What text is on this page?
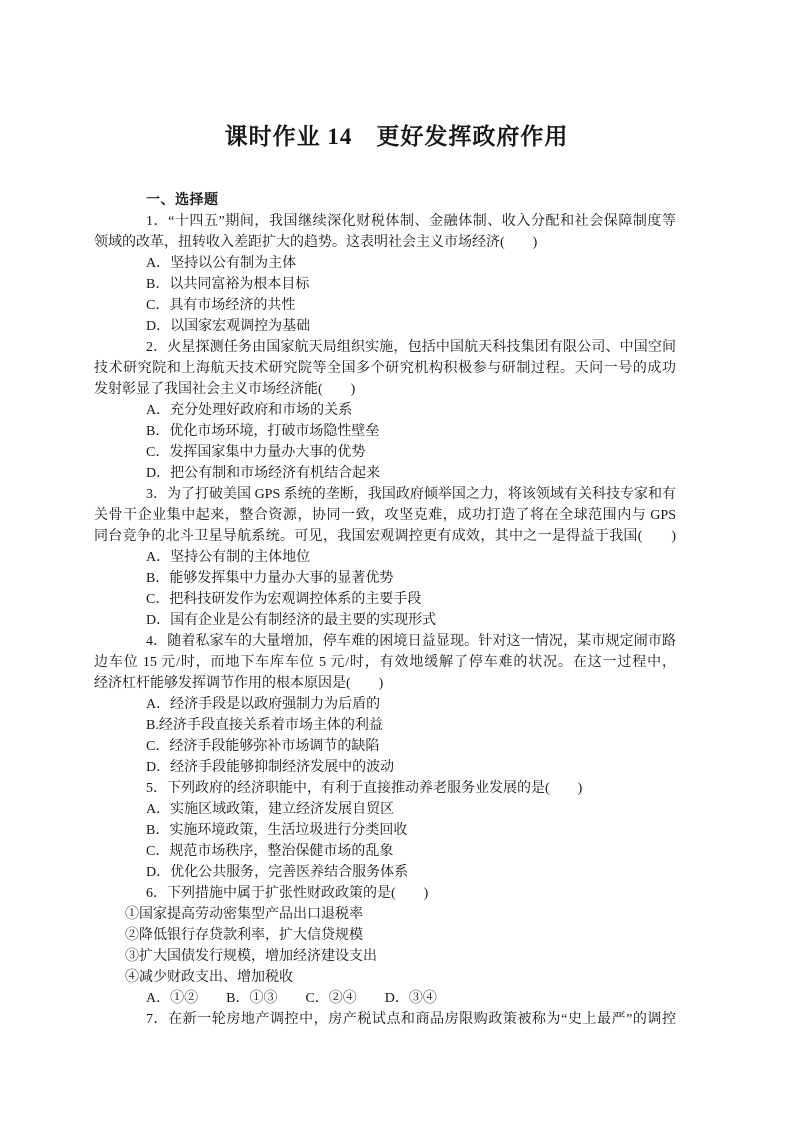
课时作业 14　更好发挥政府作用
一、选择题
1．“十四五”期间，我国继续深化财税体制、金融体制、收入分配和社会保障制度等
领域的改革，扭转收入差距扩大的趋势。这表明社会主义市场经济(　　)
A．坚持以公有制为主体
B．以共同富裕为根本目标
C．具有市场经济的共性
D．以国家宏观调控为基础
2．火星探测任务由国家航天局组织实施，包括中国航天科技集团有限公司、中国空间
技术研究院和上海航天技术研究院等全国多个研究机构积极参与研制过程。天问一号的成功
发射彰显了我国社会主义市场经济能(　　)
A．充分处理好政府和市场的关系
B．优化市场环境，打破市场隐性壁垒
C．发挥国家集中力量办大事的优势
D．把公有制和市场经济有机结合起来
3．为了打破美国 GPS 系统的垄断，我国政府倾举国之力，将该领域有关科技专家和有
关骨干企业集中起来，整合资源，协同一致，攻坚克难，成功打造了将在全球范围内与 GPS
同台竞争的北斗卫星导航系统。可见，我国宏观调控更有成效，其中之一是得益于我国(　　)
A．坚持公有制的主体地位
B．能够发挥集中力量办大事的显著优势
C．把科技研发作为宏观调控体系的主要手段
D．国有企业是公有制经济的最主要的实现形式
4．随着私家车的大量增加，停车难的困境日益显现。针对这一情况，某市规定闹市路
边车位 15 元/时，而地下车库车位 5 元/时，有效地缓解了停车难的状况。在这一过程中，
经济杠杆能够发挥调节作用的根本原因是(　　)
A．经济手段是以政府强制力为后盾的
B.经济手段直接关系着市场主体的利益
C．经济手段能够弥补市场调节的缺陷
D．经济手段能够抑制经济发展中的波动
5．下列政府的经济职能中，有利于直接推动养老服务业发展的是(　　)
A．实施区域政策，建立经济发展自贸区
B．实施环境政策，生活垃圾进行分类回收
C．规范市场秩序，整治保健市场的乱象
D．优化公共服务，完善医养结合服务体系
6．下列措施中属于扩张性财政政策的是(　　)
①国家提高劳动密集型产品出口退税率
②降低银行存贷款利率，扩大信贷规模
③扩大国债发行规模，增加经济建设支出
④减少财政支出、增加税收
A．①②　　B．①③　　C．②④　　D．③④
7．在新一轮房地产调控中，房产税试点和商品房限购政策被称为“史上最严”的调控
